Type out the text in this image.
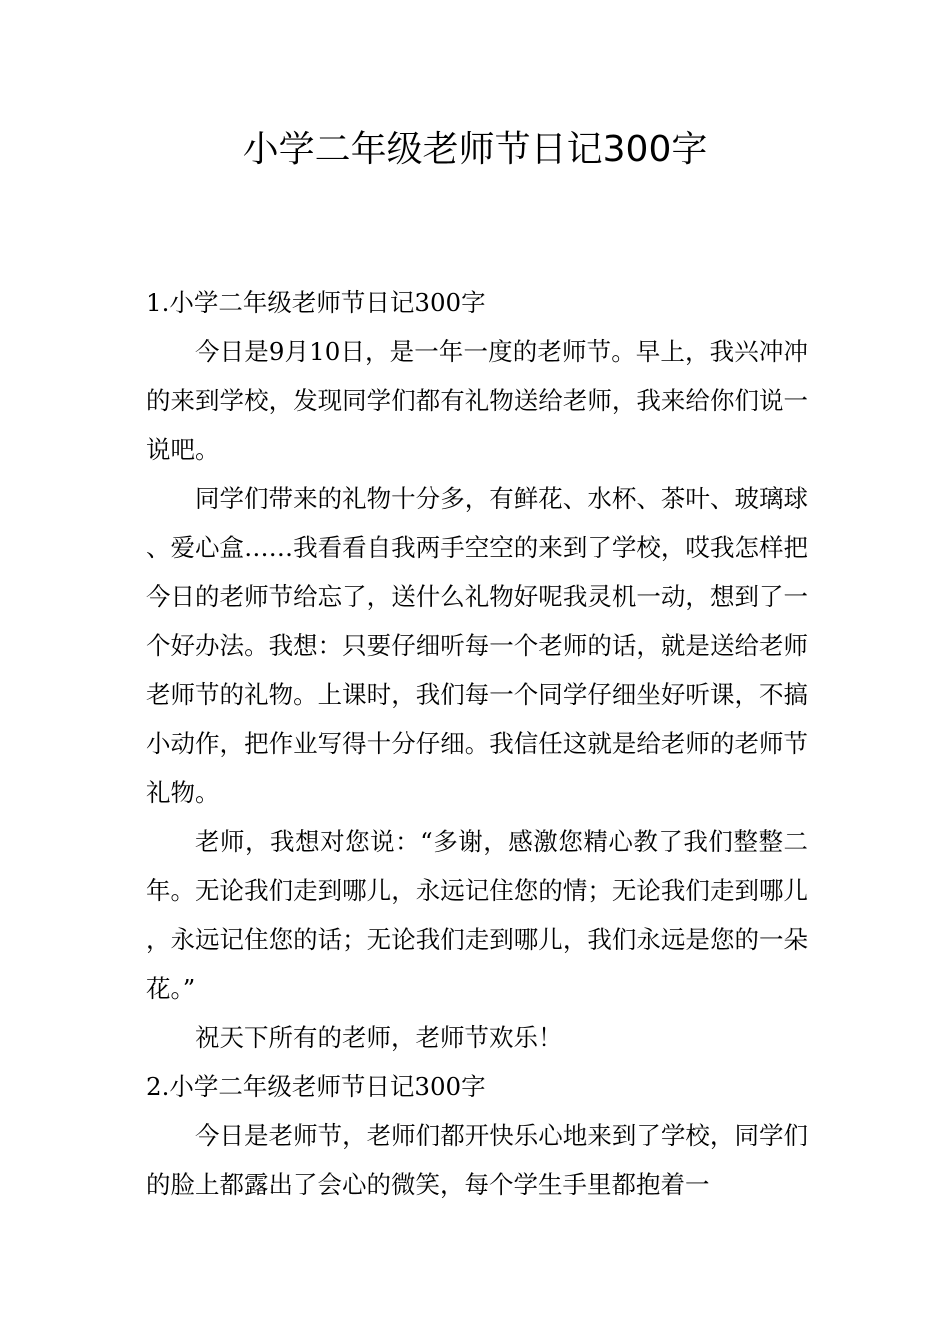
小学二年级老师节日记300字
1.小学二年级老师节日记300字

今日是9月10日，是一年一度的老师节。早上，我兴冲冲的来到学校，发现同学们都有礼物送给老师，我来给你们说一说吧。

同学们带来的礼物十分多，有鲜花、水杯、茶叶、玻璃球、爱心盒……我看看自我两手空空的来到了学校，哎我怎样把今日的老师节给忘了，送什么礼物好呢我灵机一动，想到了一个好办法。我想：只要仔细听每一个老师的话，就是送给老师老师节的礼物。上课时，我们每一个同学仔细坐好听课，不搞小动作，把作业写得十分仔细。我信任这就是给老师的老师节礼物。

老师，我想对您说：“多谢，感激您精心教了我们整整二年。无论我们走到哪儿，永远记住您的情；无论我们走到哪儿，永远记住您的话；无论我们走到哪儿，我们永远是您的一朵花。”

祝天下所有的老师，老师节欢乐！

2.小学二年级老师节日记300字

今日是老师节，老师们都开快乐心地来到了学校，同学们的脸上都露出了会心的微笑，每个学生手里都抱着一
